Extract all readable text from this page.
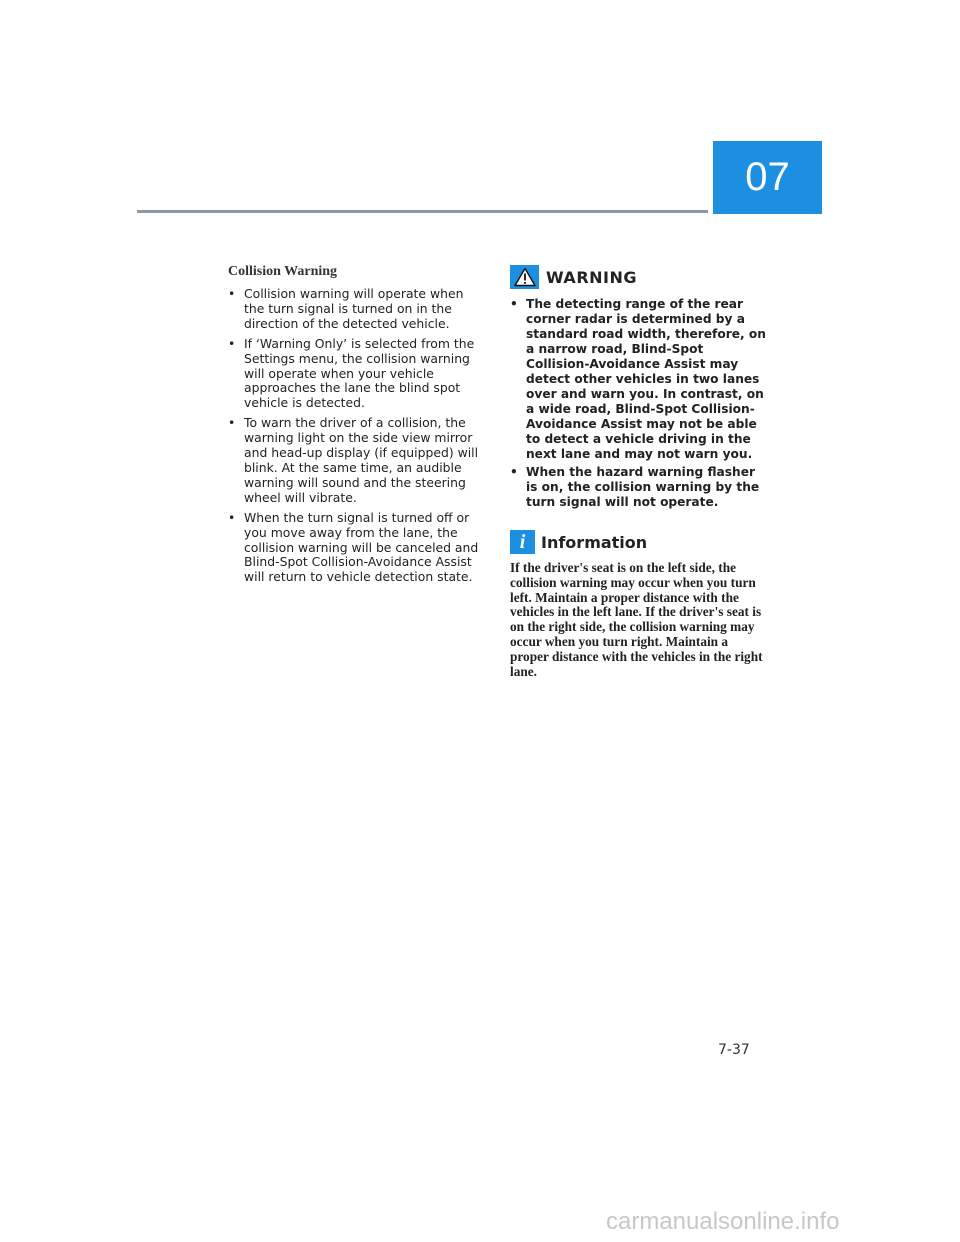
07
Collision Warning
• Collision warning will operate when the turn signal is turned on in the direction of the detected vehicle.
• If ‘Warning Only’ is selected from the Settings menu, the collision warning will operate when your vehicle approaches the lane the blind spot vehicle is detected.
• To warn the driver of a collision, the warning light on the side view mirror and head-up display (if equipped) will blink. At the same time, an audible warning will sound and the steering wheel will vibrate.
• When the turn signal is turned off or you move away from the lane, the collision warning will be canceled and Blind-Spot Collision-Avoidance Assist will return to vehicle detection state.
WARNING
• The detecting range of the rear corner radar is determined by a standard road width, therefore, on a narrow road, Blind-Spot Collision-Avoidance Assist may detect other vehicles in two lanes over and warn you. In contrast, on a wide road, Blind-Spot Collision-Avoidance Assist may not be able to detect a vehicle driving in the next lane and may not warn you.
• When the hazard warning flasher is on, the collision warning by the turn signal will not operate.
i Information

If the driver's seat is on the left side, the collision warning may occur when you turn left. Maintain a proper distance with the vehicles in the left lane. If the driver's seat is on the right side, the collision warning may occur when you turn right. Maintain a proper distance with the vehicles in the right lane.

7-37
carmanualsonline.info
